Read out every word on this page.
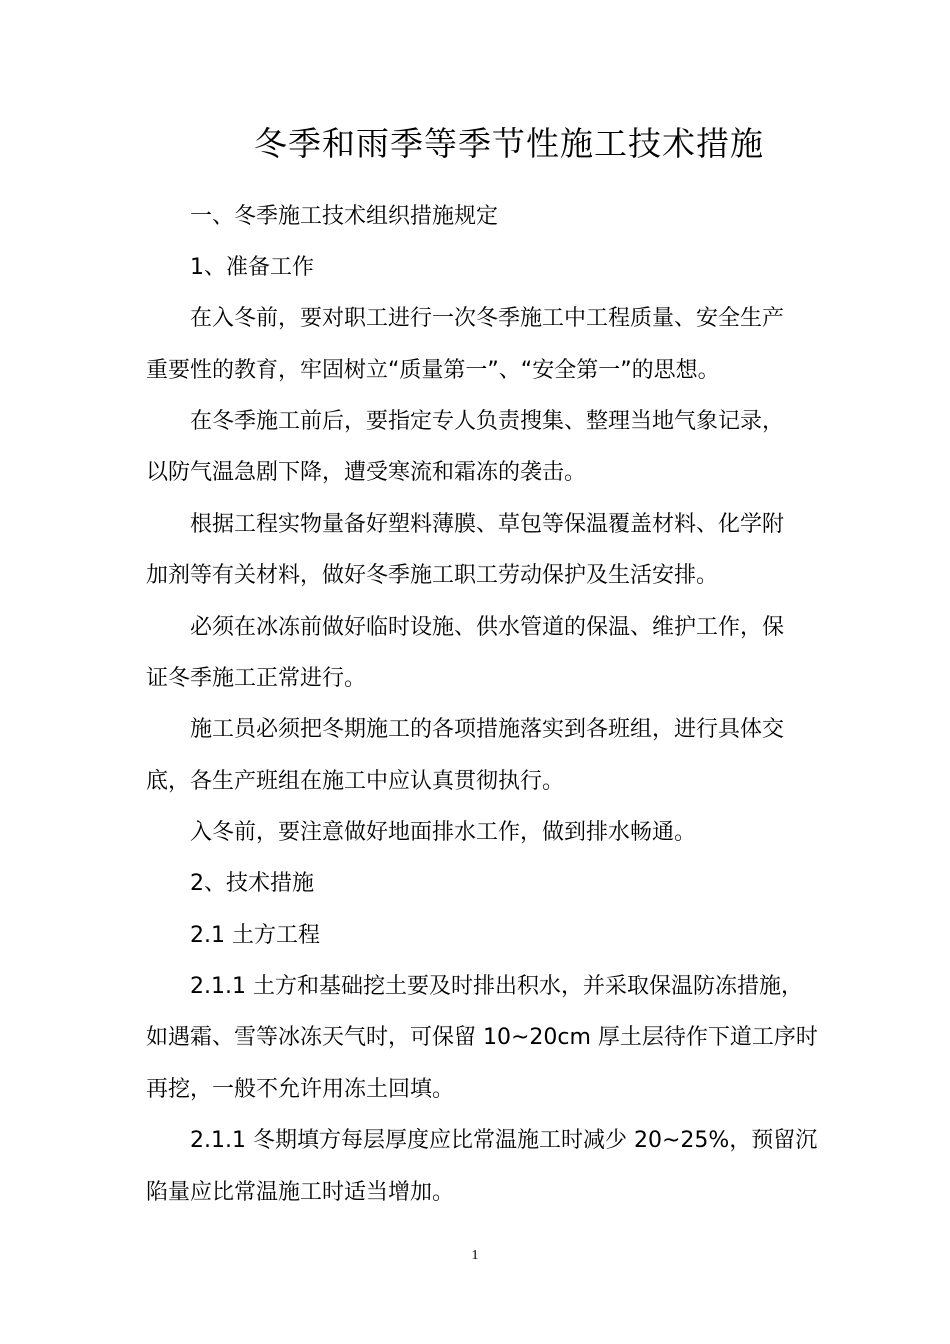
冬季和雨季等季节性施工技术措施
一、冬季施工技术组织措施规定
1、准备工作
在入冬前，要对职工进行一次冬季施工中工程质量、安全生产
重要性的教育，牢固树立“质量第一”、“安全第一”的思想。
在冬季施工前后，要指定专人负责搜集、整理当地气象记录，
以防气温急剧下降，遭受寒流和霜冻的袭击。
根据工程实物量备好塑料薄膜、草包等保温覆盖材料、化学附
加剂等有关材料，做好冬季施工职工劳动保护及生活安排。
必须在冰冻前做好临时设施、供水管道的保温、维护工作，保
证冬季施工正常进行。
施工员必须把冬期施工的各项措施落实到各班组，进行具体交
底，各生产班组在施工中应认真贯彻执行。
入冬前，要注意做好地面排水工作，做到排水畅通。
2、技术措施
2.1 土方工程
2.1.1 土方和基础挖土要及时排出积水，并采取保温防冻措施，
如遇霜、雪等冰冻天气时，可保留 10~20cm 厚土层待作下道工序时
再挖，一般不允许用冻土回填。
2.1.1 冬期填方每层厚度应比常温施工时减少 20~25%，预留沉
陷量应比常温施工时适当增加。
1
